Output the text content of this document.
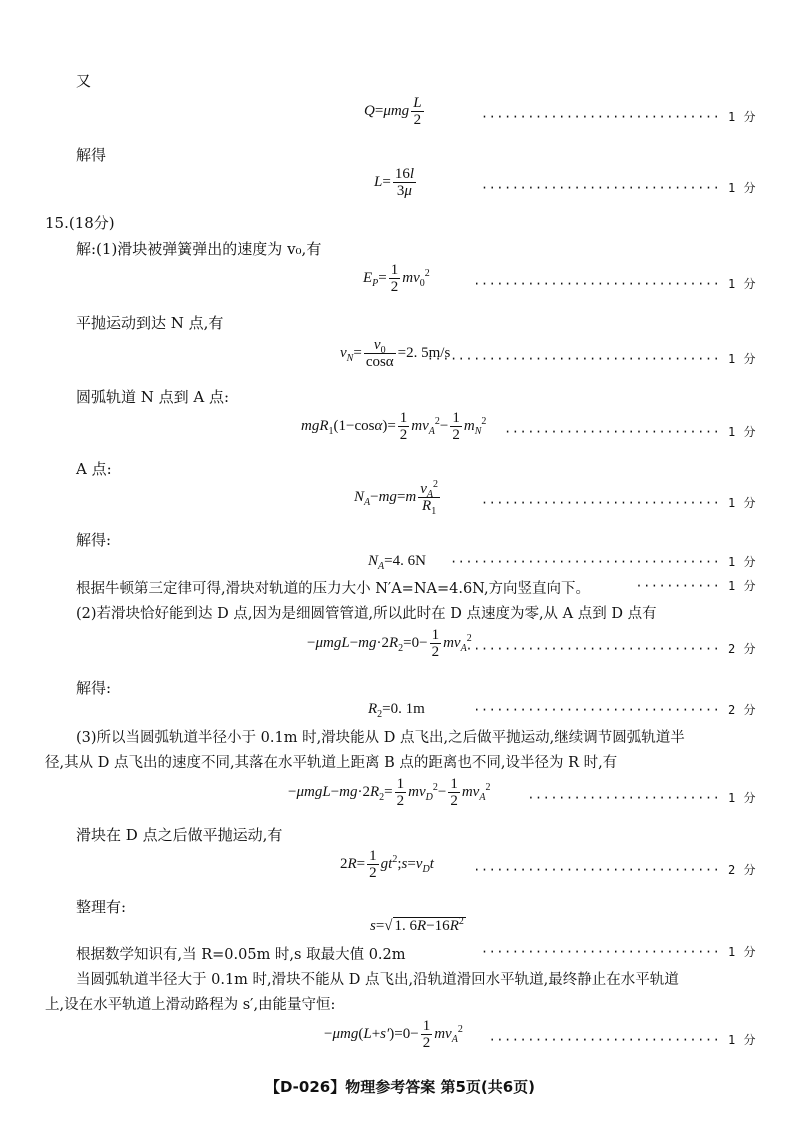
又
$Q=\mu mg \frac{L}{2}$	······························· 1 分
解得
$L= \frac{16l}{3\mu}$	······························· 1 分
15.(18分)
解:(1)滑块被弹簧弹出的速度为 v₀,有
$E_P= \frac{1}{2} mv_0^2$
································ 1 分
平抛运动到达 N 点,有
$v_N= \frac{v_0}{\cos\alpha} =2$. 5m/s
······································ 1 分
圆弧轨道 N 点到 A 点:
$mgR_1(1-\cos\alpha)= \frac{1}{2} mv_A^2- \frac{1}{2} m_N^2$
···························· 1 分
A 点:
$N_A-mg=m \frac{v_A^2}{R_1}$	······························· 1 分
解得:
$N_A=4$. 6N ··································· 1 分
根据牛顿第三定律可得,滑块对轨道的压力大小 N′A=NA=4.6N,方向竖直向下。	··········· 1 分
(2)若滑块恰好能到达 D 点,因为是细圆管管道,所以此时在 D 点速度为零,从 A 点到 D 点有
$-\mu mgL-mg\cdot 2R_2=0- \frac{1}{2} mv_A^2$
································· 2 分
解得:
$R_2=0$. 1m	································ 2 分
(3)所以当圆弧轨道半径小于 0.1m 时,滑块能从 D 点飞出,之后做平抛运动,继续调节圆弧轨道半
径,其从 D 点飞出的速度不同,其落在水平轨道上距离 B 点的距离也不同,设半径为 R 时,有
$-\mu mgL-mg\cdot 2R_2= \frac{1}{2} mv_D^2- \frac{1}{2} mv_A^2$
························· 1 分
滑块在 D 点之后做平抛运动,有
$2R= \frac{1}{2}$ $gt^2;s=v_Dt$	································ 2 分
整理有:
s=√ 1. $6R-16R^2$
根据数学知识有,当 R=0.05m 时,s 取最大值 0.2m	······························· 1 分
当圆弧轨道半径大于 0.1m 时,滑块不能从 D 点飞出,沿轨道滑回水平轨道,最终静止在水平轨道
上,设在水平轨道上滑动路程为 s′,由能量守恒:
$-\mu mg(L+s')=0- \frac{1}{2} mv_A^2$
······························ 1 分
【D-026】物理参考答案 第5页(共6页)
